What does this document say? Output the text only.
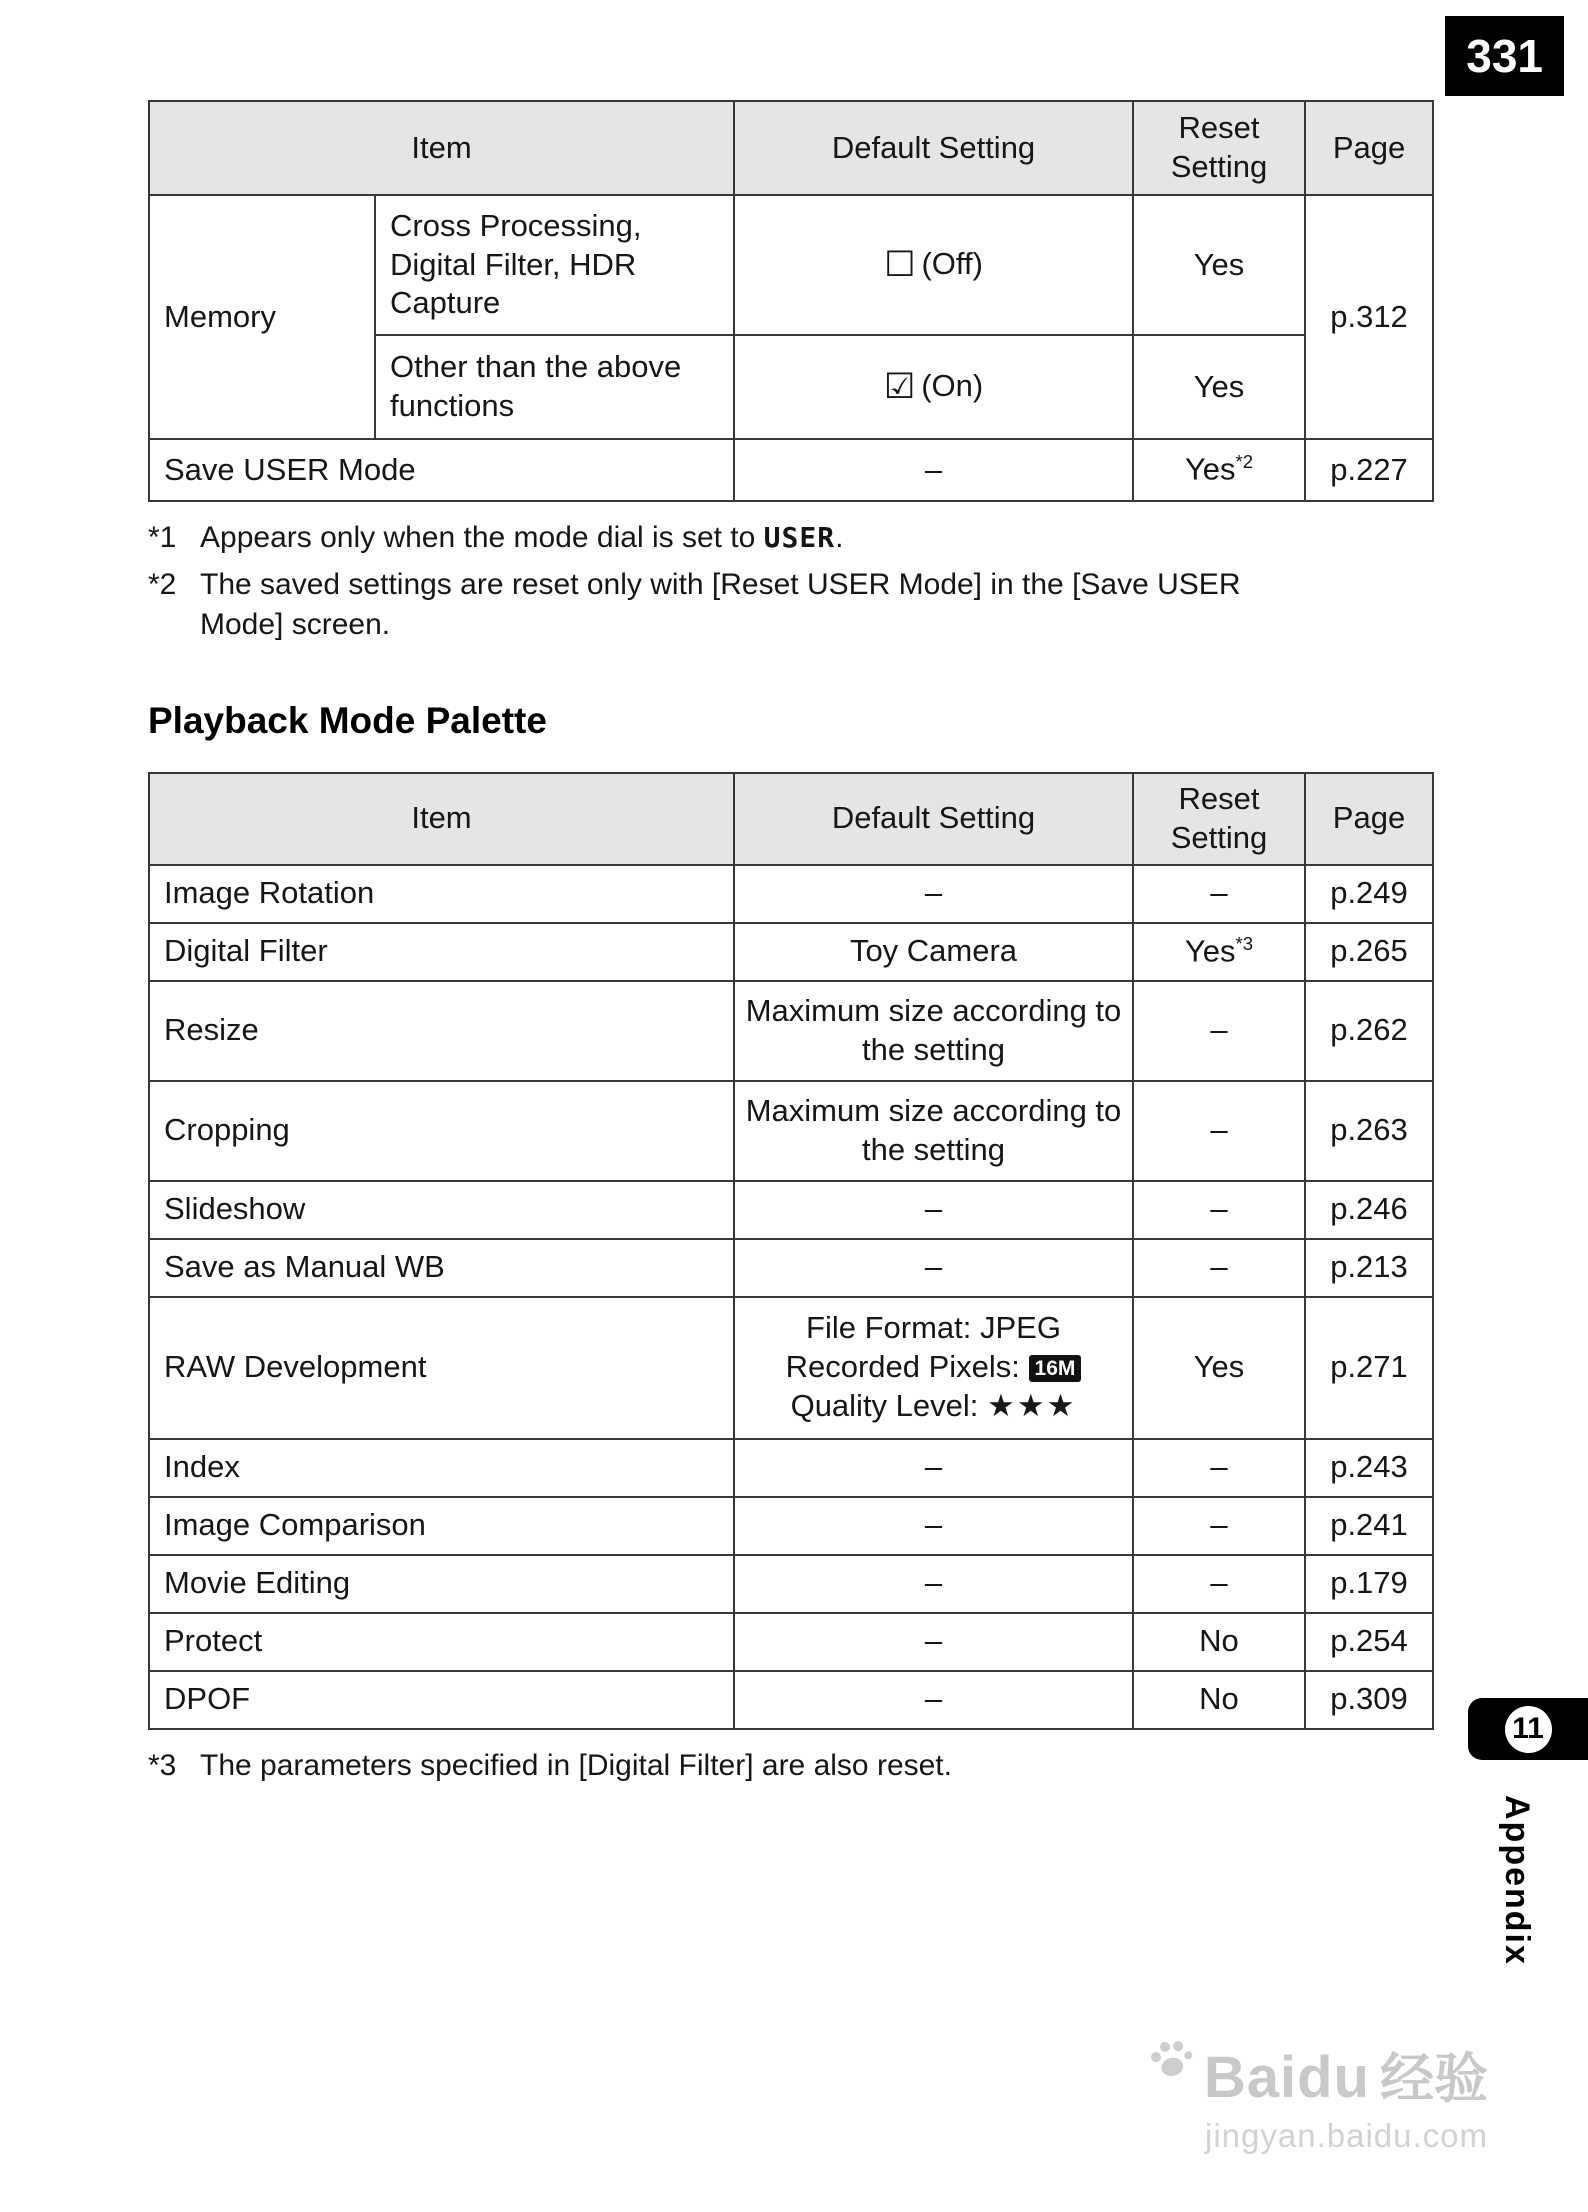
331
Item		Default Setting	Reset Setting	Page
Memory	Cross Processing, Digital Filter, HDR Capture	☐ (Off)	Yes	p.312
	Other than the above functions	☑ (On)	Yes	
Save USER Mode		–	Yes$^{*2}$	p.227
*1 Appears only when the mode dial is set to USER.
*2 The saved settings are reset only with [Reset USER Mode] in the [Save USER Mode] screen.
Playback Mode Palette
Item	Default Setting	Reset Setting	Page
Image Rotation	–	–	p.249
Digital Filter	Toy Camera	Yes$^{*3}$	p.265
Resize	Maximum size according to the setting	–	p.262
Cropping	Maximum size according to the setting	–	p.263
Slideshow	–	–	p.246
Save as Manual WB	–	–	p.213
RAW Development	File Format: JPEG
Recorded Pixels: 16M
Quality Level: ★★★	Yes	p.271
Index	–	–	p.243
Image Comparison	–	–	p.241
Movie Editing	–	–	p.179
Protect	–	No	p.254
DPOF	–	No	p.309
*3 The parameters specified in [Digital Filter] are also reset.
11
Appendix
Baidu 经验
jingyan.baidu.com
